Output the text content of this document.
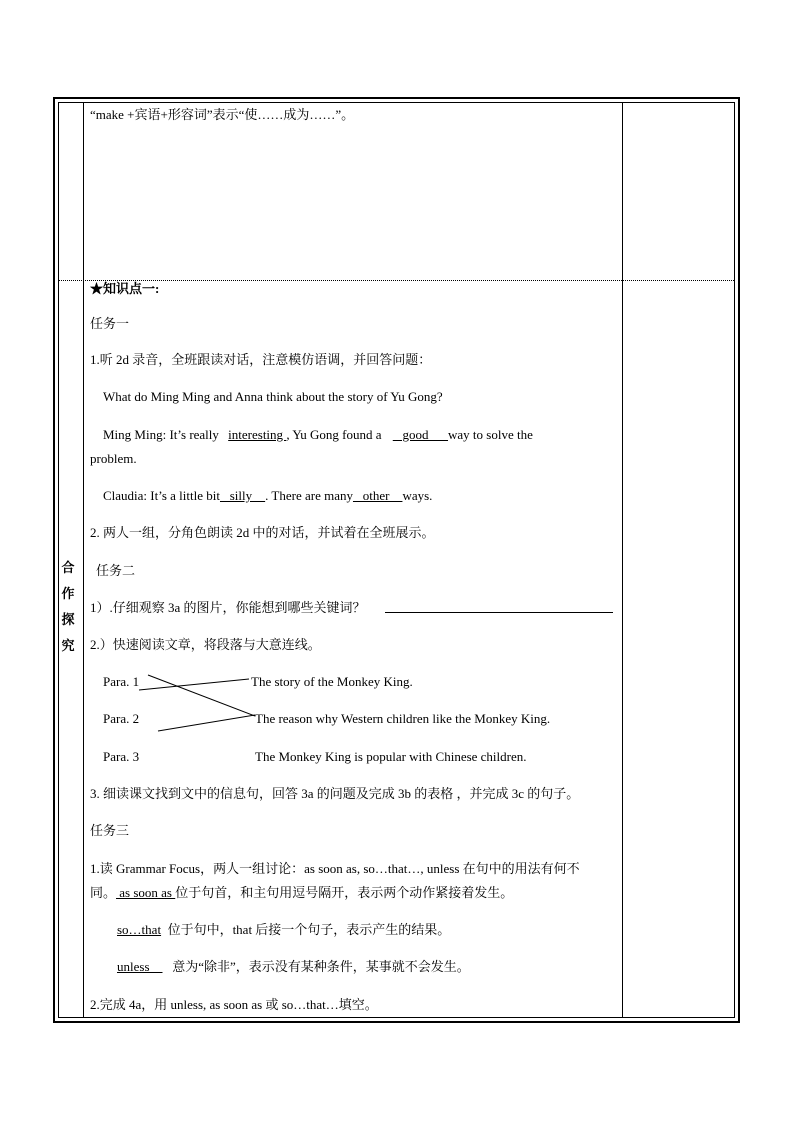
“make +宾语+形容词”表示“使……成为……”。
合
作
探
究
★知识点一:
任务一
1.听 2d 录音，全班跟读对话，注意模仿语调，并回答问题：
What do Ming Ming and Anna think about the story of Yu Gong?
Ming Ming: It’s really interesting , Yu Gong found a    good      way to solve the
problem.
Claudia: It’s a little bit   silly    . There are many   other    ways.
2. 两人一组，分角色朗读 2d 中的对话，并试着在全班展示。
任务二
1）.仔细观察 3a 的图片，你能想到哪些关键词？
2.）快速阅读文章，将段落与大意连线。
Para. 1
Para. 2
Para. 3
The story of the Monkey King.
The reason why Western children like the Monkey King.
The Monkey King is popular with Chinese children.
3. 细读课文找到文中的信息句，回答 3a 的问题及完成 3b 的表格 ，并完成 3c 的句子。
任务三
1.读 Grammar Focus，两人一组讨论：as soon as, so…that…, unless 在句中的用法有何不
同。 as soon as 位于句首，和主句用逗号隔开，表示两个动作紧接着发生。
so…that  位于句中，that 后接一个句子，表示产生的结果。
unless       意为“除非”，表示没有某种条件，某事就不会发生。
2.完成 4a，用 unless, as soon as 或 so…that…填空。
